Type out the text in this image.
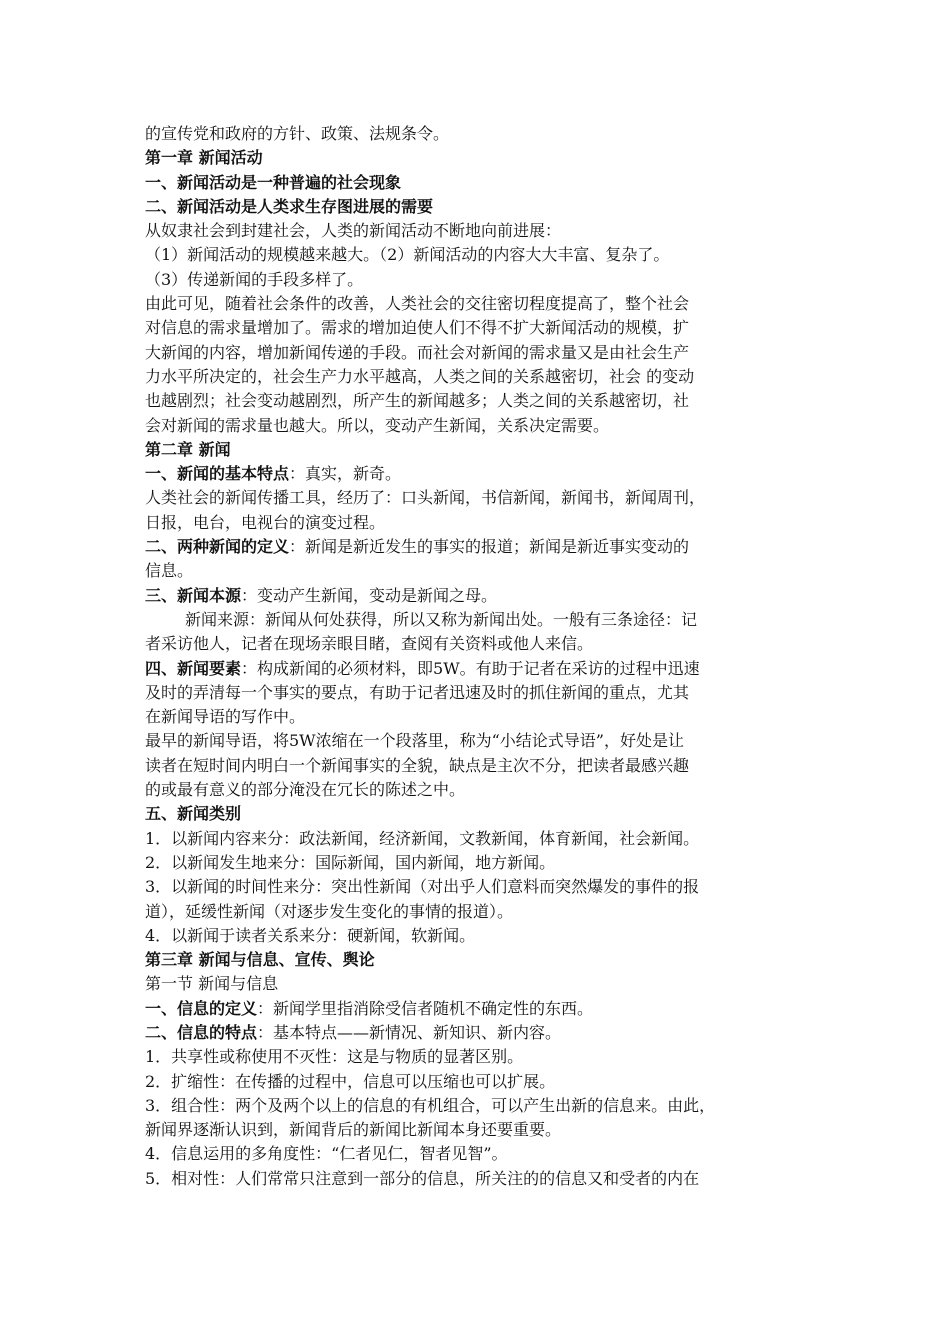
的宣传党和政府的方针、政策、法规条令。

第一章 新闻活动

一、新闻活动是一种普遍的社会现象

二、新闻活动是人类求生存图进展的需要

从奴隶社会到封建社会，人类的新闻活动不断地向前进展：

（1）新闻活动的规模越来越大。（2）新闻活动的内容大大丰富、复杂了。

（3）传递新闻的手段多样了。

由此可见，随着社会条件的改善，人类社会的交往密切程度提高了，整个社会

对信息的需求量增加了。需求的增加迫使人们不得不扩大新闻活动的规模，扩

大新闻的内容，增加新闻传递的手段。而社会对新闻的需求量又是由社会生产

力水平所决定的，社会生产力水平越高，人类之间的关系越密切，社会 的变动

也越剧烈；社会变动越剧烈，所产生的新闻越多；人类之间的关系越密切，社

会对新闻的需求量也越大。所以，变动产生新闻，关系决定需要。

第二章 新闻

一、新闻的基本特点：真实，新奇。

人类社会的新闻传播工具，经历了：口头新闻，书信新闻，新闻书，新闻周刊，

日报，电台，电视台的演变过程。

二、两种新闻的定义：新闻是新近发生的事实的报道；新闻是新近事实变动的

信息。

三、新闻本源：变动产生新闻，变动是新闻之母。

新闻来源：新闻从何处获得，所以又称为新闻出处。一般有三条途径：记

者采访他人，记者在现场亲眼目睹，查阅有关资料或他人来信。

四、新闻要素：构成新闻的必须材料，即5W。有助于记者在采访的过程中迅速

及时的弄清每一个事实的要点，有助于记者迅速及时的抓住新闻的重点，尤其

在新闻导语的写作中。

最早的新闻导语，将5W浓缩在一个段落里，称为“小结论式导语”，好处是让

读者在短时间内明白一个新闻事实的全貌，缺点是主次不分，把读者最感兴趣

的或最有意义的部分淹没在冗长的陈述之中。

五、新闻类别

1．以新闻内容来分：政法新闻，经济新闻，文教新闻，体育新闻，社会新闻。

2．以新闻发生地来分：国际新闻，国内新闻，地方新闻。

3．以新闻的时间性来分：突出性新闻（对出乎人们意料而突然爆发的事件的报

道），延缓性新闻（对逐步发生变化的事情的报道）。

4．以新闻于读者关系来分：硬新闻，软新闻。

第三章 新闻与信息、宣传、舆论

第一节 新闻与信息

一、信息的定义：新闻学里指消除受信者随机不确定性的东西。

二、信息的特点：基本特点——新情况、新知识、新内容。

1．共享性或称使用不灭性：这是与物质的显著区别。

2．扩缩性：在传播的过程中，信息可以压缩也可以扩展。

3．组合性：两个及两个以上的信息的有机组合，可以产生出新的信息来。由此，

新闻界逐渐认识到，新闻背后的新闻比新闻本身还要重要。

4．信息运用的多角度性：“仁者见仁，智者见智”。

5．相对性：人们常常只注意到一部分的信息，所关注的的信息又和受者的内在
